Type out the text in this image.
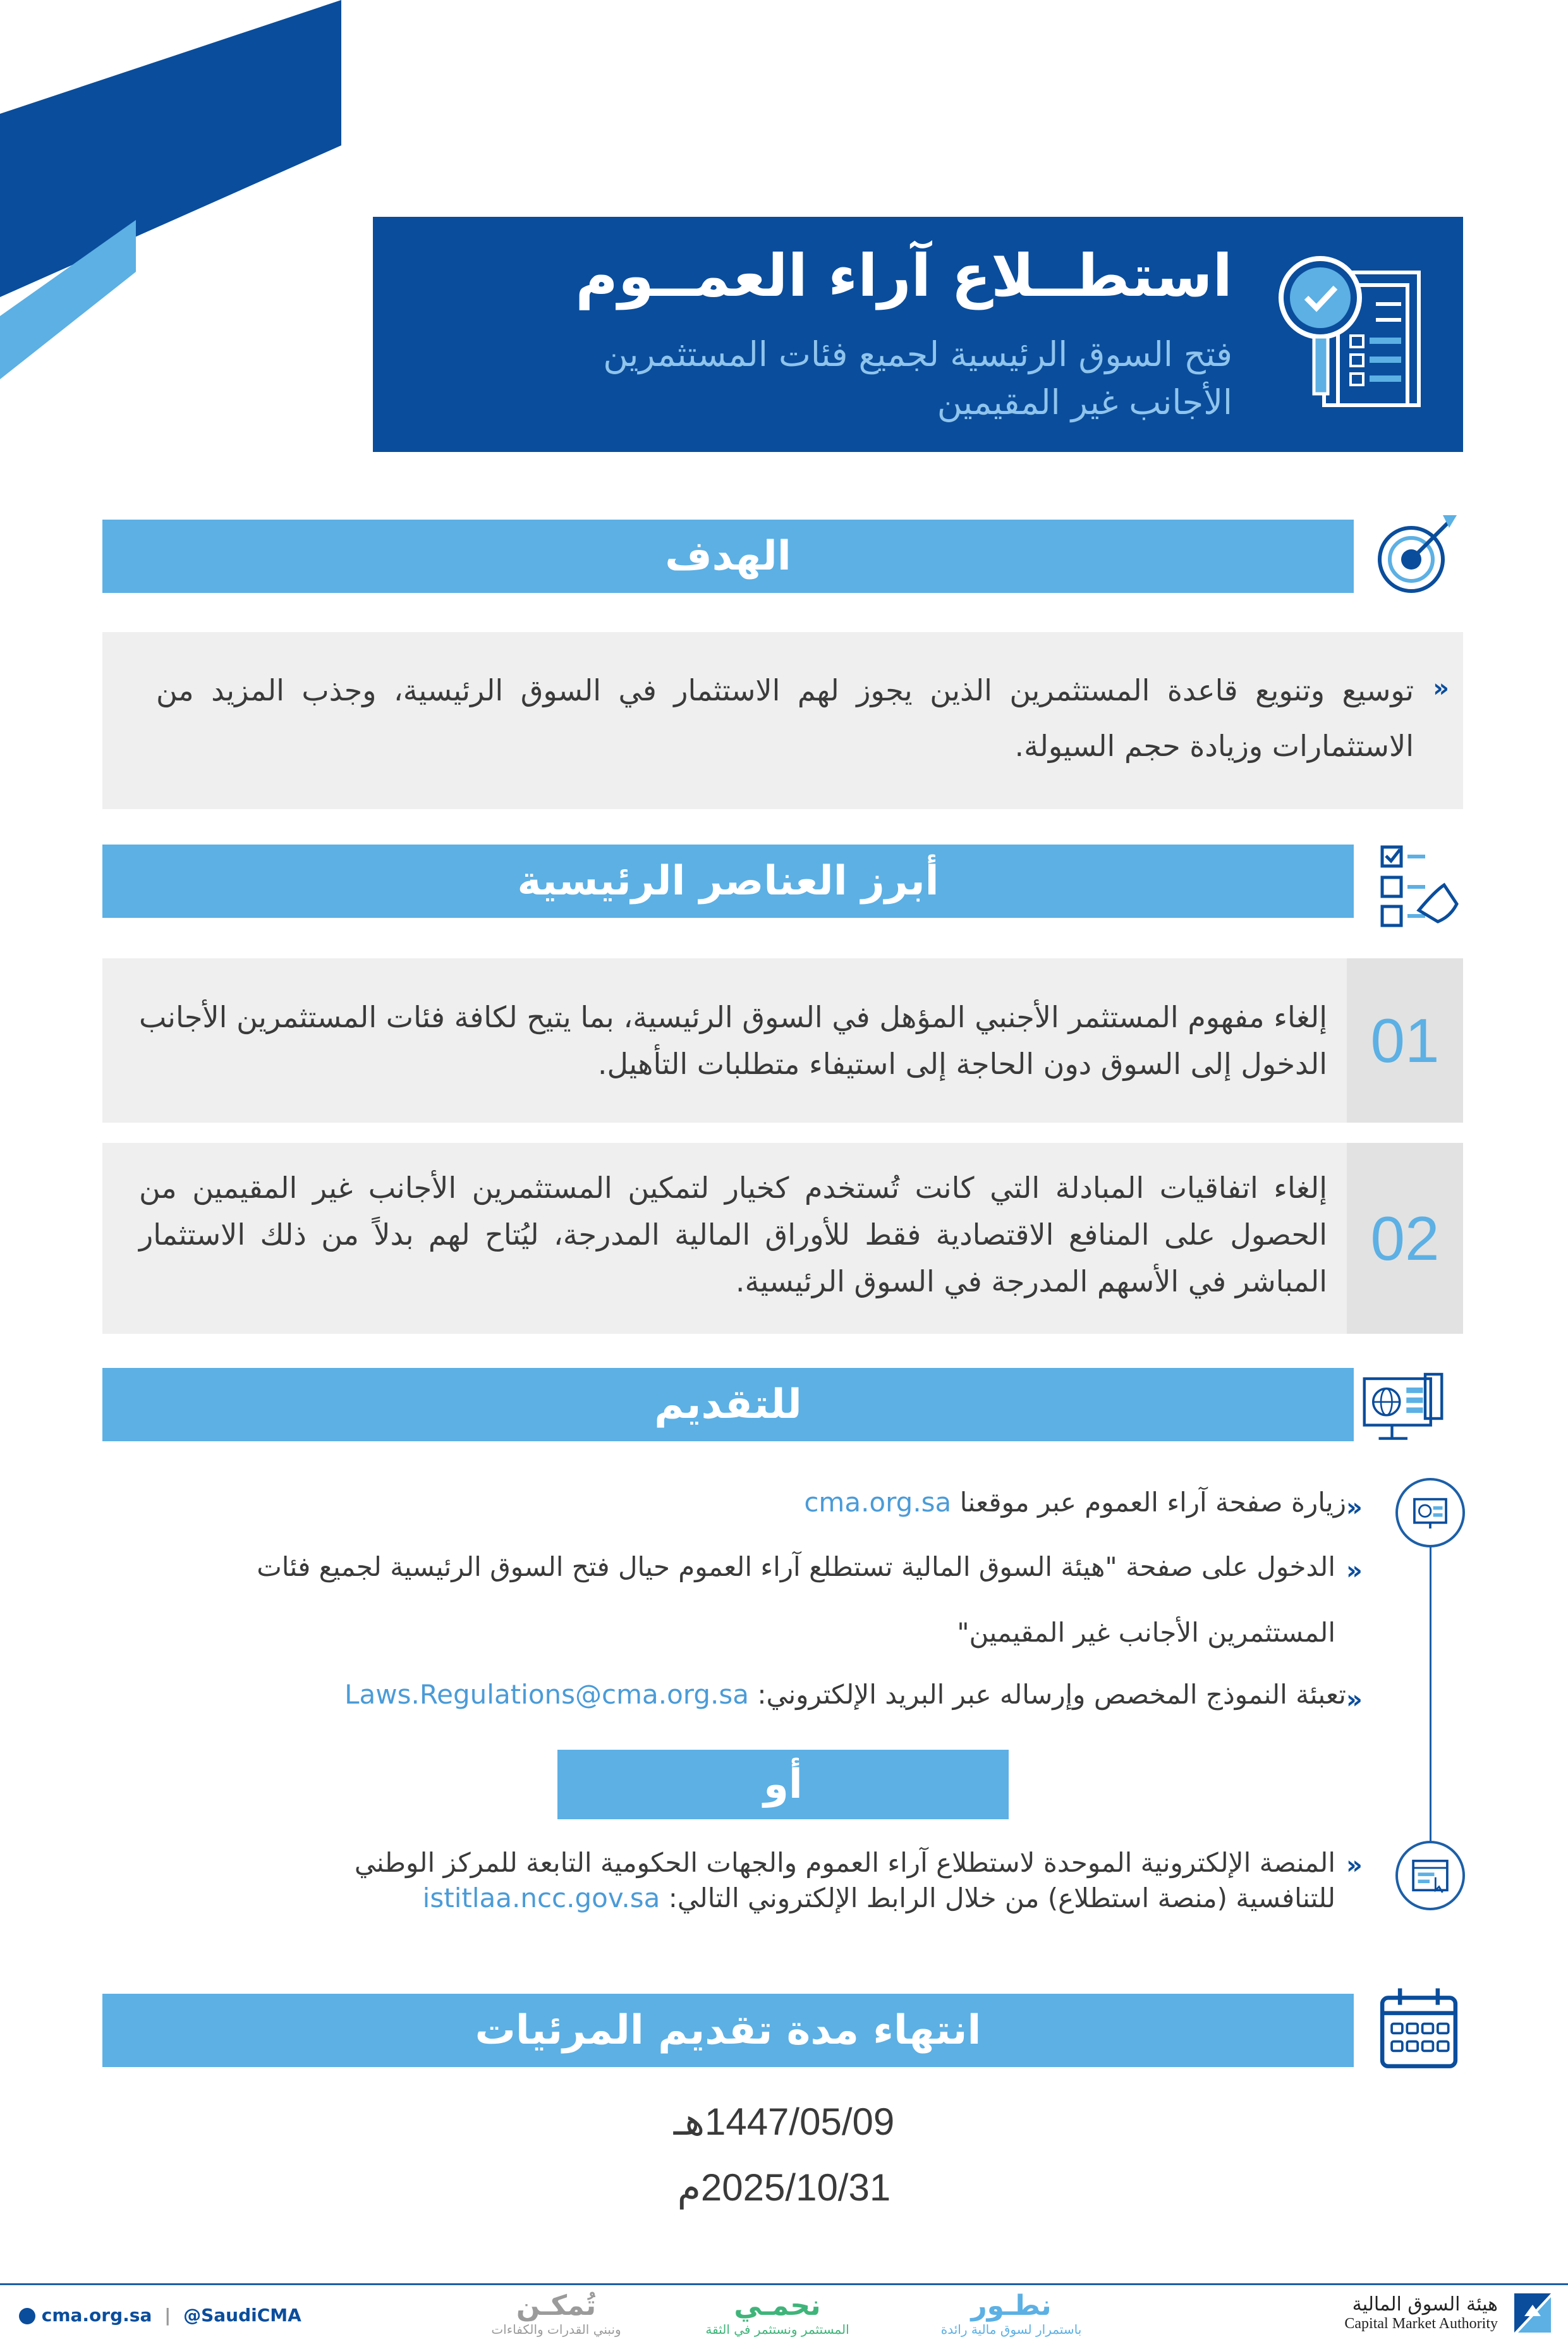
استطــلاع آراء العمــوم
فتح السوق الرئيسية لجميع فئات المستثمرين الأجانب غير المقيمين
الهدف
«
توسيع وتنويع قاعدة المستثمرين الذين يجوز لهم الاستثمار في السوق الرئيسية، وجذب المزيد من الاستثمارات وزيادة حجم السيولة.
أبرز العناصر الرئيسية
01
إلغاء مفهوم المستثمر الأجنبي المؤهل في السوق الرئيسية، بما يتيح لكافة فئات المستثمرين الأجانب الدخول إلى السوق دون الحاجة إلى استيفاء متطلبات التأهيل.
02
إلغاء اتفاقيات المبادلة التي كانت تُستخدم كخيار لتمكين المستثمرين الأجانب غير المقيمين من الحصول على المنافع الاقتصادية فقط للأوراق المالية المدرجة، ليُتاح لهم بدلاً من ذلك الاستثمار المباشر في الأسهم المدرجة في السوق الرئيسية.
للتقديم
«
زيارة صفحة آراء العموم عبر موقعنا cma.org.sa
«
الدخول على صفحة "هيئة السوق المالية تستطلع آراء العموم حيال فتح السوق الرئيسية لجميع فئات
المستثمرين الأجانب غير المقيمين"
«
تعبئة النموذج المخصص وإرساله عبر البريد الإلكتروني: Laws.Regulations@cma.org.sa
أو
«
المنصة الإلكترونية الموحدة لاستطلاع آراء العموم والجهات الحكومية التابعة للمركز الوطني
للتنافسية (منصة استطلاع) من خلال الرابط الإلكتروني التالي: istitlaa.ncc.gov.sa
انتهاء مدة تقديم المرئيات
1447/05/09هـ
2025/10/31م
cma.org.sa | @SaudiCMA	تُمكـن
ونبني القدرات والكفاءات
نحمـي
المستثمر ونستثمر في الثقة
نطـور
باستمرار لسوق مالية رائدة
هيئة السوق المالية
Capital Market Authority
